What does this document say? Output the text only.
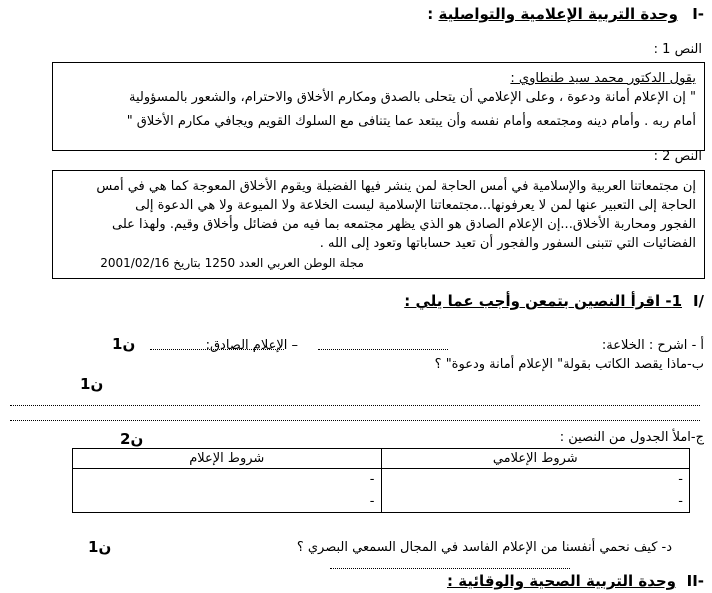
I-
وحدة التربية الإعلامية والتواصلية :
النص 1 :
يقول الدكتور محمد سيد طنطاوي :
" إن الإعلام أمانة ودعوة ، وعلى الإعلامي أن يتحلى بالصدق ومكارم الأخلاق والاحترام، والشعور بالمسؤولية
أمام ربه . وأمام دينه ومجتمعه وأمام نفسه وأن يبتعد عما يتنافى مع السلوك القويم ويجافي مكارم الأخلاق "
النص 2 :
إن مجتمعاتنا العربية والإسلامية في أمس الحاجة لمن ينشر فيها الفضيلة ويقوم الأخلاق المعوجة كما هي في أمس
الحاجة إلى التعبير عنها لمن لا يعرفونها...مجتمعاتنا الإسلامية ليست الخلاعة ولا الميوعة ولا هي الدعوة إلى
الفجور ومحاربة الأخلاق...إن الإعلام الصادق هو الذي يظهر مجتمعه بما فيه من فضائل وأخلاق وقيم. ولهذا على
الفضائيات التي تتبنى السفور والفجور أن تعيد حساباتها وتعود إلى الله .
مجلة الوطن العربي العدد 1250 بتاريخ 2001/02/16
I/
1- اقرأ النصين بتمعن وأجب عما يلي :
أ - اشرح : الخلاعة:
– الإعلام الصادق:
1ن
ب-ماذا يقصد الكاتب بقولة" الإعلام أمانة ودعوة" ؟
1ن
ج-املأ الجدول من النصين :
2ن
شروط الإعلام	شروط الإعلامي
-	-
-	-
د- كيف نحمي أنفسنا من الإعلام الفاسد في المجال السمعي البصري ؟
1ن
II-
وحدة التربية الصحية والوقائية :
